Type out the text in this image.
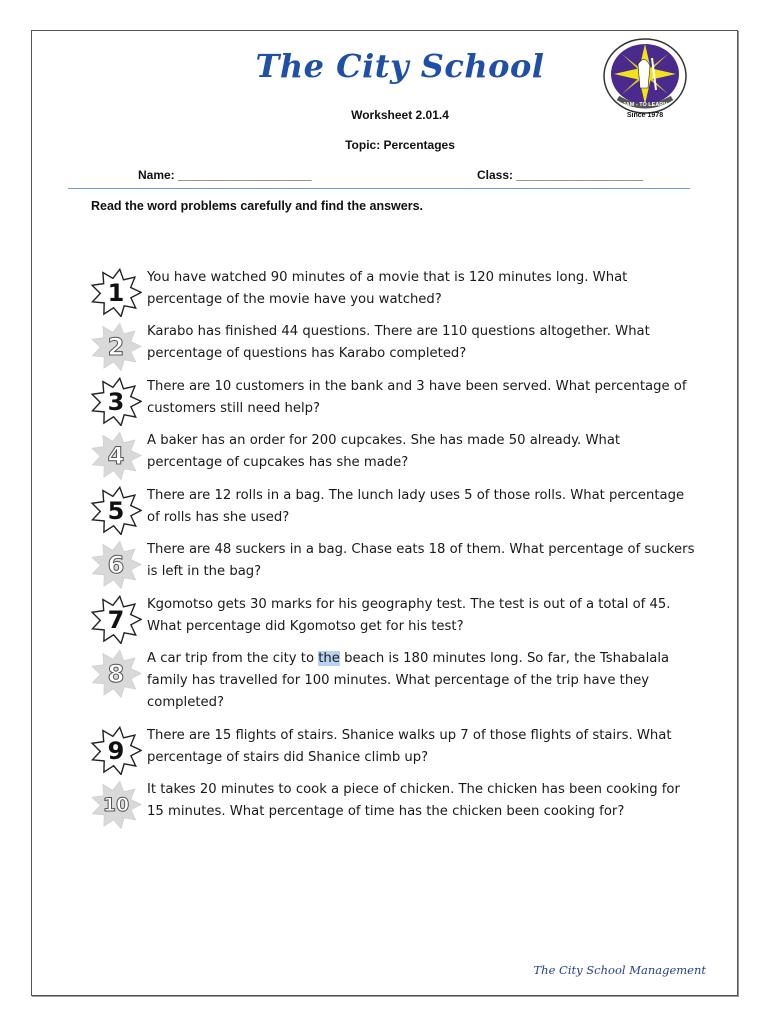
The City School
JAM - TO LEARN
Since 1978
Worksheet 2.01.4
Topic: Percentages
Name: ____________________	Class: ___________________
Read the word problems carefully and find the answers.
1
You have watched 90 minutes of a movie that is 120 minutes long. What percentage of the movie have you watched?
2
Karabo has finished 44 questions. There are 110 questions altogether. What percentage of questions has Karabo completed?
3
There are 10 customers in the bank and 3 have been served. What percentage of customers still need help?
4
A baker has an order for 200 cupcakes. She has made 50 already. What percentage of cupcakes has she made?
5
There are 12 rolls in a bag. The lunch lady uses 5 of those rolls. What percentage of rolls has she used?
6
There are 48 suckers in a bag. Chase eats 18 of them. What percentage of suckers is left in the bag?
7
Kgomotso gets 30 marks for his geography test. The test is out of a total of 45. What percentage did Kgomotso get for his test?
8
A car trip from the city to the beach is 180 minutes long. So far, the Tshabalala family has travelled for 100 minutes. What percentage of the trip have they completed?
9
There are 15 flights of stairs. Shanice walks up 7 of those flights of stairs. What percentage of stairs did Shanice climb up?
10
It takes 20 minutes to cook a piece of chicken. The chicken has been cooking for 15 minutes. What percentage of time has the chicken been cooking for?
The City School Management
